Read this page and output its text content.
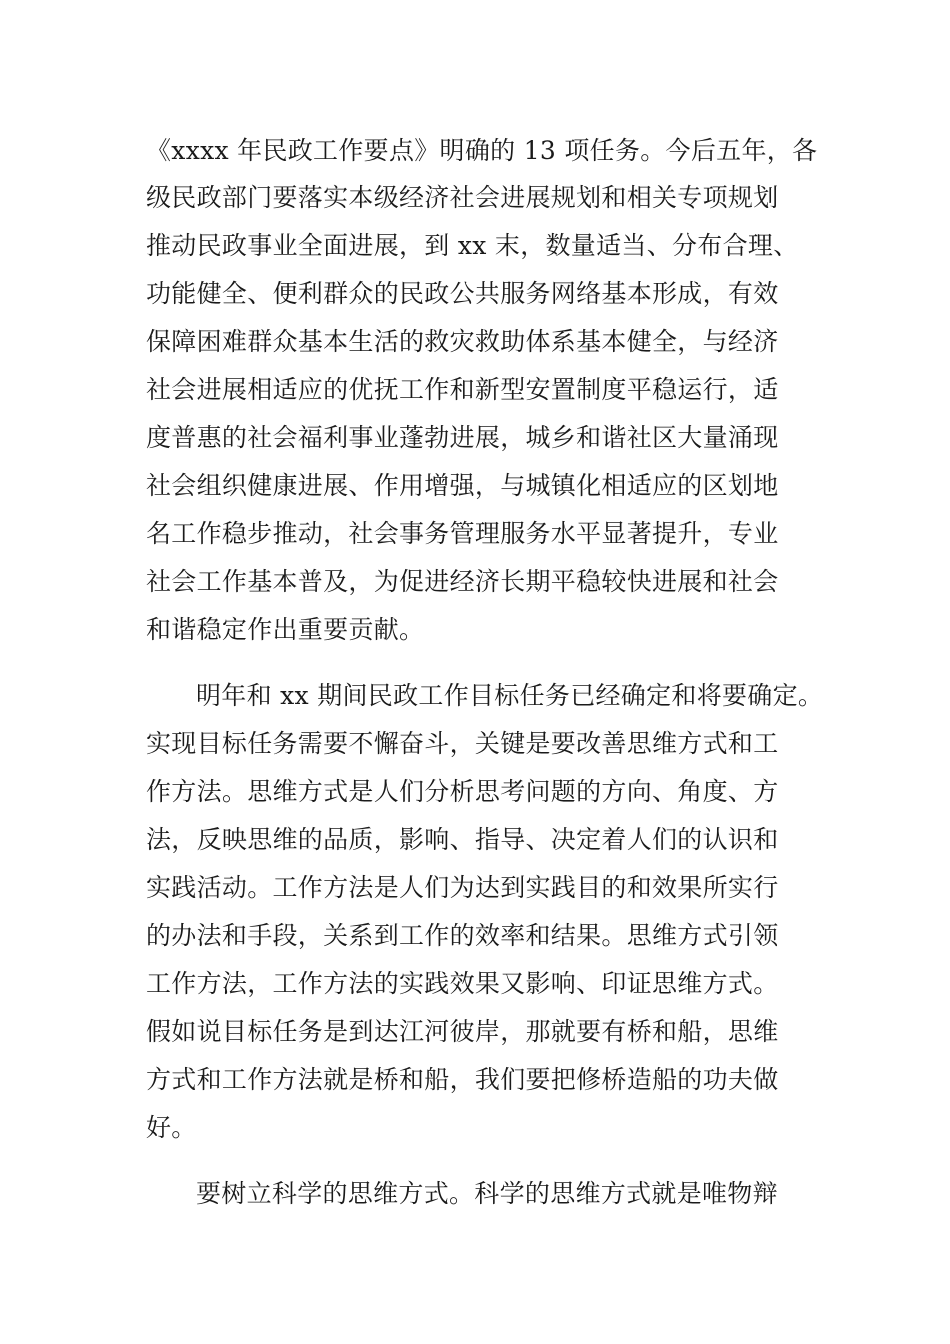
《xxxx 年民政工作要点》明确的 13 项任务。今后五年，各
级民政部门要落实本级经济社会进展规划和相关专项规划
推动民政事业全面进展，到 xx 末，数量适当、分布合理、
功能健全、便利群众的民政公共服务网络基本形成，有效
保障困难群众基本生活的救灾救助体系基本健全，与经济
社会进展相适应的优抚工作和新型安置制度平稳运行，适
度普惠的社会福利事业蓬勃进展，城乡和谐社区大量涌现
社会组织健康进展、作用增强，与城镇化相适应的区划地
名工作稳步推动，社会事务管理服务水平显著提升，专业
社会工作基本普及，为促进经济长期平稳较快进展和社会
和谐稳定作出重要贡献。
明年和 xx 期间民政工作目标任务已经确定和将要确定。
实现目标任务需要不懈奋斗，关键是要改善思维方式和工
作方法。思维方式是人们分析思考问题的方向、角度、方
法，反映思维的品质，影响、指导、决定着人们的认识和
实践活动。工作方法是人们为达到实践目的和效果所实行
的办法和手段，关系到工作的效率和结果。思维方式引领
工作方法，工作方法的实践效果又影响、印证思维方式。
假如说目标任务是到达江河彼岸，那就要有桥和船，思维
方式和工作方法就是桥和船，我们要把修桥造船的功夫做
好。
要树立科学的思维方式。科学的思维方式就是唯物辩
